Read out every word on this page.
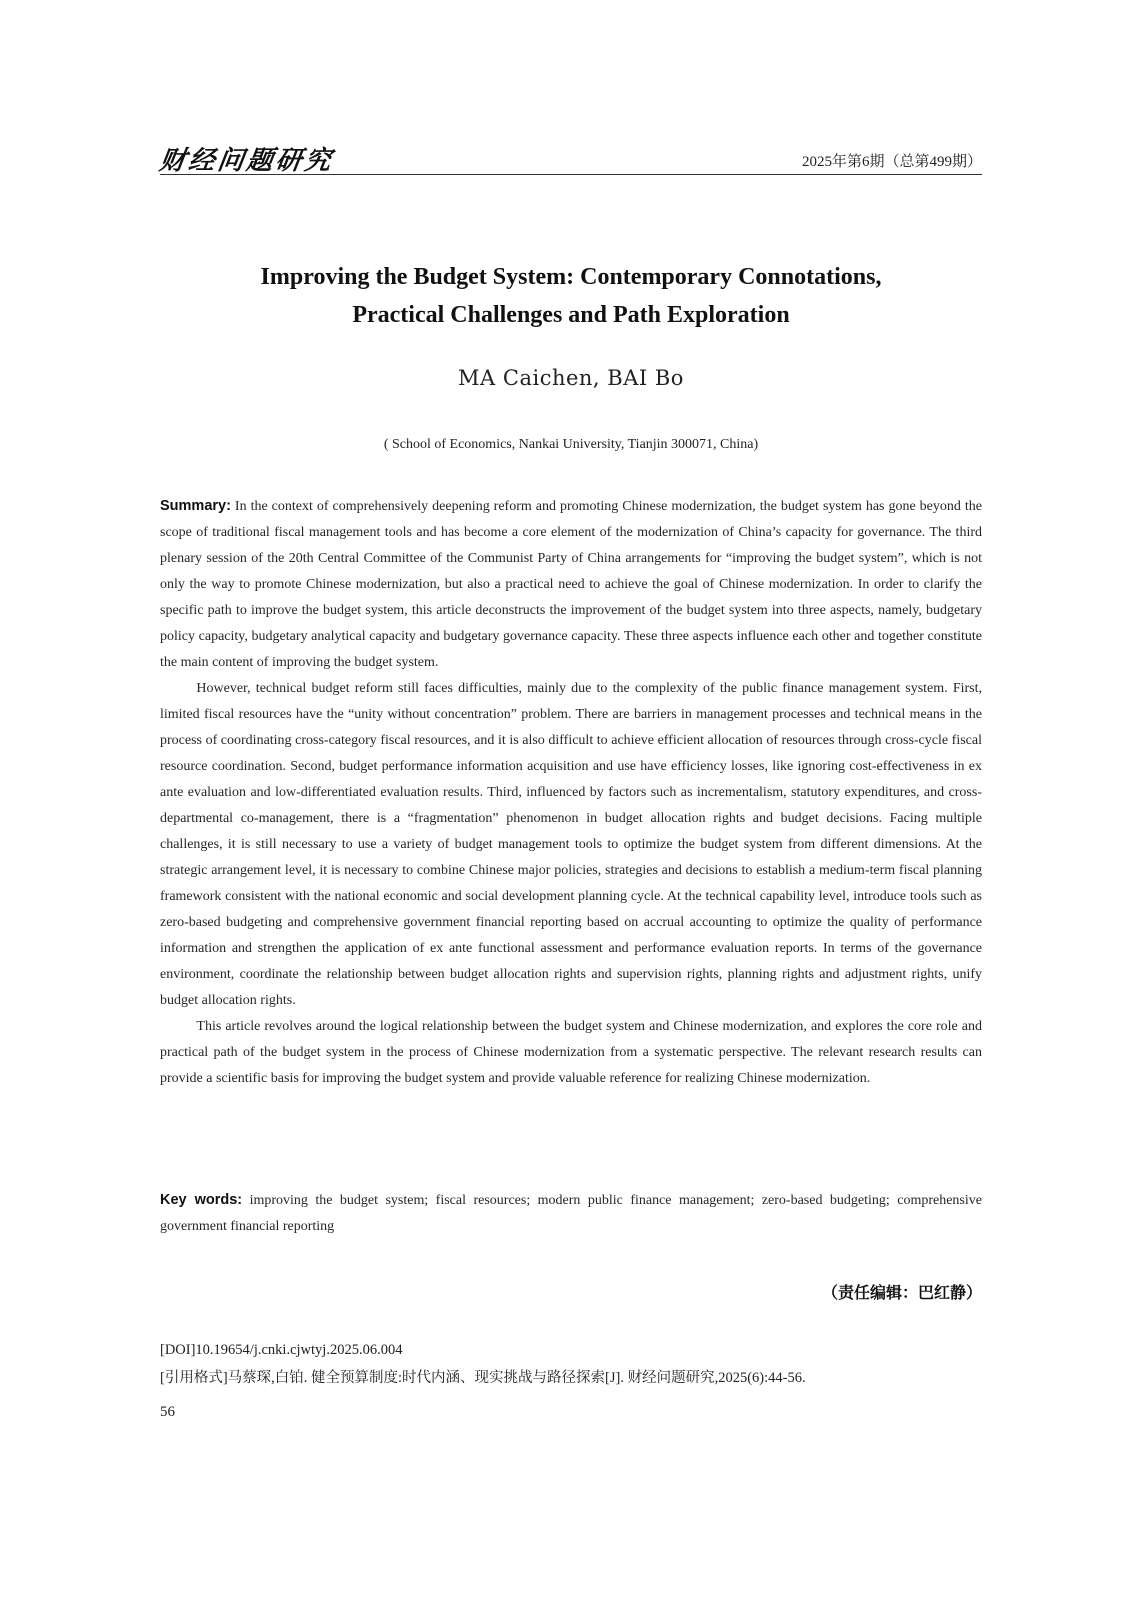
财经问题研究	2025年第6期（总第499期）
Improving the Budget System: Contemporary Connotations,
Practical Challenges and Path Exploration
MA Caichen, BAI Bo
( School of Economics, Nankai University, Tianjin 300071, China)

Summary: In the context of comprehensively deepening reform and promoting Chinese modernization, the budget system has gone beyond the scope of traditional fiscal management tools and has become a core element of the modernization of China’s capacity for governance. The third plenary session of the 20th Central Committee of the Communist Party of China arrangements for “improving the budget system”, which is not only the way to promote Chinese modernization, but also a practical need to achieve the goal of Chinese modernization. In order to clarify the specific path to improve the budget system, this article deconstructs the improvement of the budget system into three aspects, namely, budgetary policy capacity, budgetary analytical capacity and budgetary governance capacity. These three aspects influence each other and together constitute the main content of improving the budget system.

However, technical budget reform still faces difficulties, mainly due to the complexity of the public finance management system. First, limited fiscal resources have the “unity without concentration” problem. There are barriers in management processes and technical means in the process of coordinating cross-category fiscal resources, and it is also difficult to achieve efficient allocation of resources through cross-cycle fiscal resource coordination. Second, budget performance information acquisition and use have efficiency losses, like ignoring cost-effectiveness in ex ante evaluation and low-differentiated evaluation results. Third, influenced by factors such as incrementalism, statutory expenditures, and cross-departmental co-management, there is a “fragmentation” phenomenon in budget allocation rights and budget decisions. Facing multiple challenges, it is still necessary to use a variety of budget management tools to optimize the budget system from different dimensions. At the strategic arrangement level, it is necessary to combine Chinese major policies, strategies and decisions to establish a medium-term fiscal planning framework consistent with the national economic and social development planning cycle. At the technical capability level, introduce tools such as zero-based budgeting and comprehensive government financial reporting based on accrual accounting to optimize the quality of performance information and strengthen the application of ex ante functional assessment and performance evaluation reports. In terms of the governance environment, coordinate the relationship between budget allocation rights and supervision rights, planning rights and adjustment rights, unify budget allocation rights.

This article revolves around the logical relationship between the budget system and Chinese modernization, and explores the core role and practical path of the budget system in the process of Chinese modernization from a systematic perspective. The relevant research results can provide a scientific basis for improving the budget system and provide valuable reference for realizing Chinese modernization.

Key words: improving the budget system; fiscal resources; modern public finance management; zero-based budgeting; comprehensive government financial reporting
（责任编辑：巴红静）
[DOI]10.19654/j.cnki.cjwtyj.2025.06.004
[引用格式]马蔡琛,白铂. 健全预算制度:时代内涵、现实挑战与路径探索[J]. 财经问题研究,2025(6):44-56.
56
